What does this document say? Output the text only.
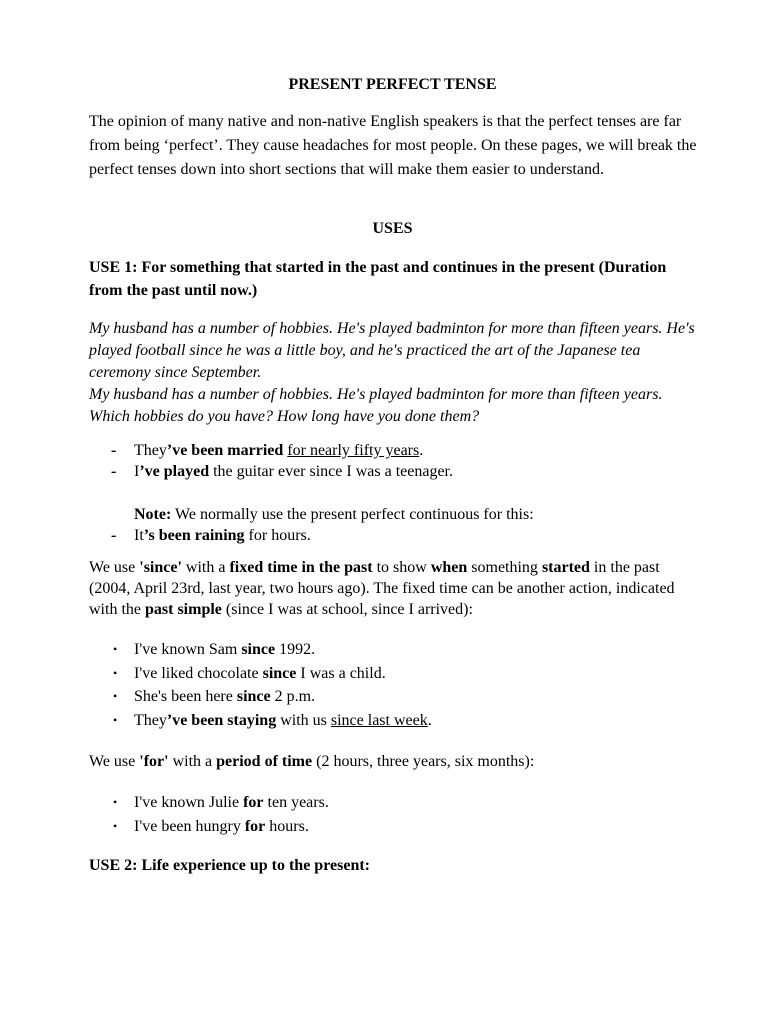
PRESENT PERFECT TENSE
The opinion of many native and non-native English speakers is that the perfect tenses are far from being ‘perfect’. They cause headaches for most people. On these pages, we will break the perfect tenses down into short sections that will make them easier to understand.
USES
USE 1: For something that started in the past and continues in the present (Duration from the past until now.)
My husband has a number of hobbies. He's played badminton for more than fifteen years. He's played football since he was a little boy, and he's practiced the art of the Japanese tea ceremony since September.
My husband has a number of hobbies. He's played badminton for more than fifteen years. Which hobbies do you have? How long have you done them?
- They’ve been married for nearly fifty years.
- I’ve played the guitar ever since I was a teenager.
Note: We normally use the present perfect continuous for this:
- It’s been raining for hours.
We use 'since' with a fixed time in the past to show when something started in the past (2004, April 23rd, last year, two hours ago). The fixed time can be another action, indicated with the past simple (since I was at school, since I arrived):
• I've known Sam since 1992.
• I've liked chocolate since I was a child.
• She's been here since 2 p.m.
• They’ve been staying with us since last week.
We use 'for' with a period of time (2 hours, three years, six months):
• I've known Julie for ten years.
• I've been hungry for hours.
USE 2: Life experience up to the present:
